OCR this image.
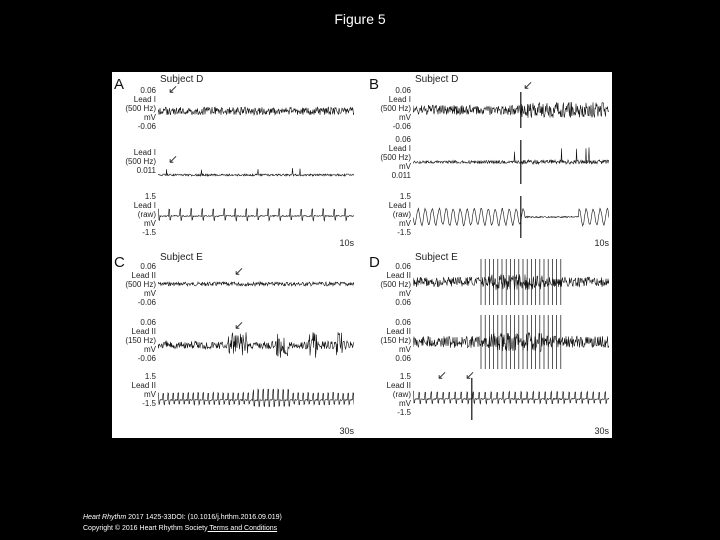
Figure 5
A	Subject D
↙
↙
0.06
Lead I
(500 Hz)
mV
-0.06
Lead I
(500 Hz)
0.011
1.5
Lead I
(raw)
mV
-1.5
10s
B	Subject D	↙
0.06
Lead I
(500 Hz)
mV
-0.06
0.06
Lead I
(500 Hz)
mV
0.011
1.5
Lead I
(raw)
mV
-1.5
10s
C	Subject E
↙
↙
0.06
Lead II
(500 Hz)
mV
-0.06
0.06
Lead II
(150 Hz)
mV
-0.06
1.5
Lead II
mV
-1.5
30s
D	Subject E
↙ ↙
0.06
Lead II
(500 Hz)
mV
0.06
0.06
Lead II
(150 Hz)
mV
0.06
1.5
Lead II
(raw)
mV
-1.5
30s
Heart Rhythm 2017 1425-33DOI: (10.1016/j.hrthm.2016.09.019)
Copyright © 2016 Heart Rhythm Society Terms and Conditions
